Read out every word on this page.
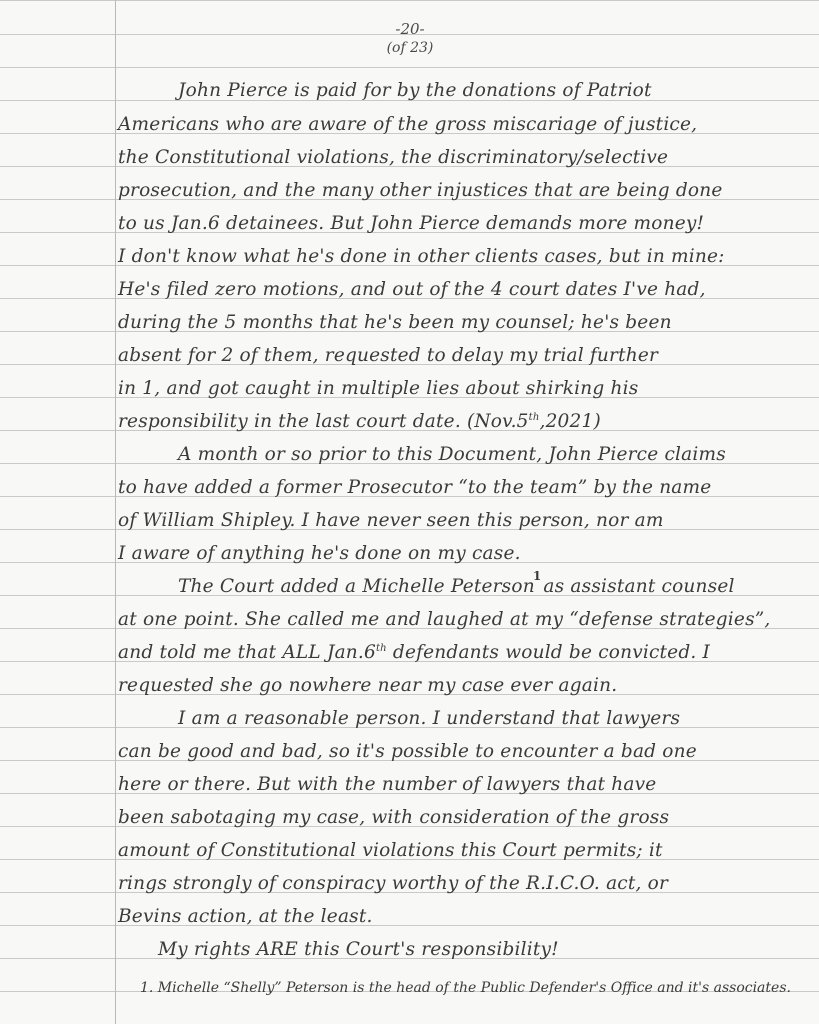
-20-
(of 23)
John Pierce is paid for by the donations of Patriot
Americans who are aware of the gross miscariage of justice,
the Constitutional violations, the discriminatory/selective
prosecution, and the many other injustices that are being done
to us Jan.6 detainees. But John Pierce demands more money!
I don't know what he's done in other clients cases, but in mine:
He's filed zero motions, and out of the 4 court dates I've had,
during the 5 months that he's been my counsel; he's been
absent for 2 of them, requested to delay my trial further
in 1, and got caught in multiple lies about shirking his
responsibility in the last court date. (Nov.5th,2021)
A month or so prior to this Document, John Pierce claims
to have added a former Prosecutor “to the team” by the name
of William Shipley. I have never seen this person, nor am
I aware of anything he's done on my case.
The Court added a Michelle Peterson$^1$ as assistant counsel
at one point. She called me and laughed at my “defense strategies”,
and told me that ALL Jan.6th defendants would be convicted. I
requested she go nowhere near my case ever again.
I am a reasonable person. I understand that lawyers
can be good and bad, so it's possible to encounter a bad one
here or there. But with the number of lawyers that have
been sabotaging my case, with consideration of the gross
amount of Constitutional violations this Court permits; it
rings strongly of conspiracy worthy of the R.I.C.O. act, or
Bevins action, at the least.
My rights ARE this Court's responsibility!
1. Michelle “Shelly” Peterson is the head of the Public Defender's Office and it's associates.
